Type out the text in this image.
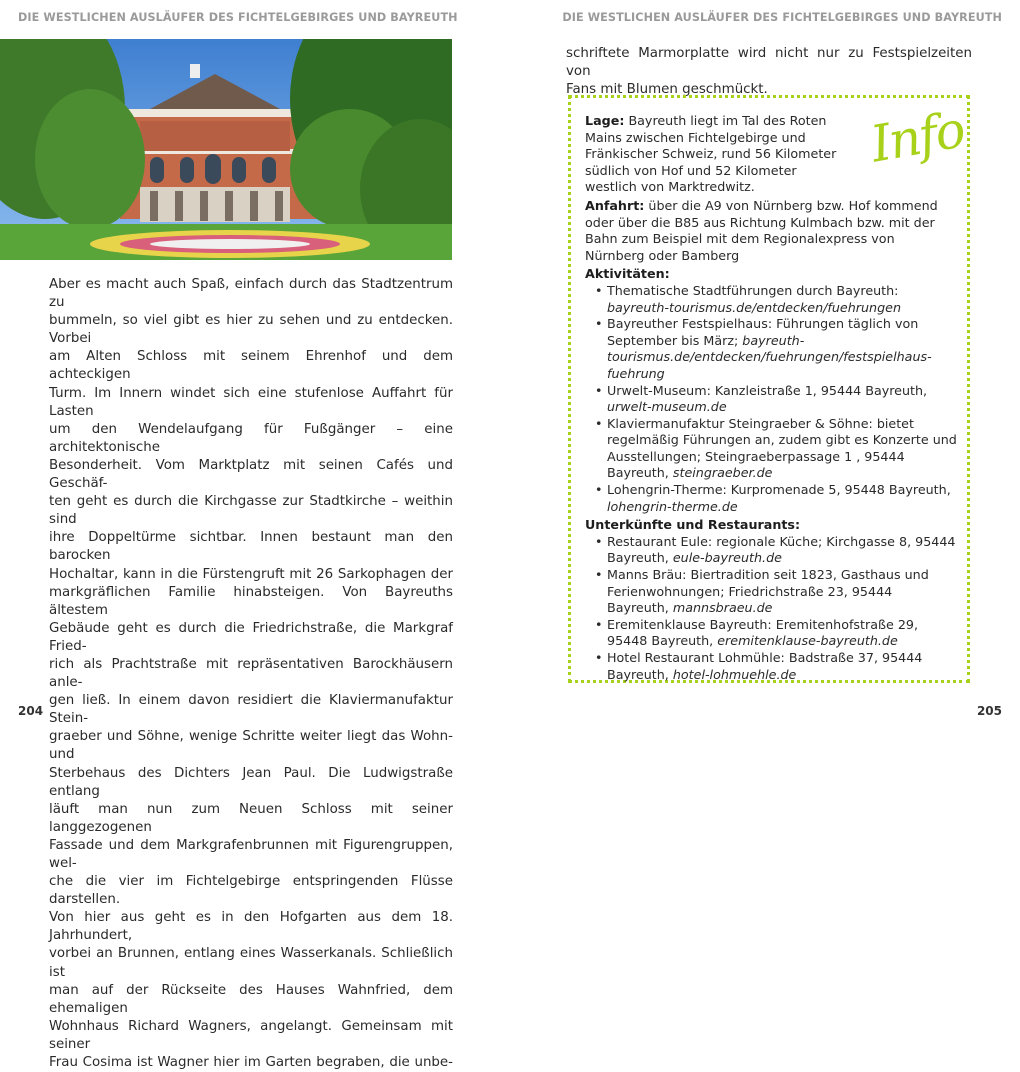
DIE WESTLICHEN AUSLÄUFER DES FICHTELGEBIRGES UND BAYREUTH	DIE WESTLICHEN AUSLÄUFER DES FICHTELGEBIRGES UND BAYREUTH

Aber es macht auch Spaß, einfach durch das Stadtzentrum zu

bummeln, so viel gibt es hier zu sehen und zu entdecken. Vorbei

am Alten Schloss mit seinem Ehrenhof und dem achteckigen

Turm. Im Innern windet sich eine stufenlose Auffahrt für Lasten

um den Wendelaufgang für Fußgänger – eine architektonische

Besonderheit. Vom Marktplatz mit seinen Cafés und Geschäf-

ten geht es durch die Kirchgasse zur Stadtkirche – weithin sind

ihre Doppeltürme sichtbar. Innen bestaunt man den barocken

Hochaltar, kann in die Fürstengruft mit 26 Sarkophagen der

markgräflichen Familie hinabsteigen. Von Bayreuths ältestem

Gebäude geht es durch die Friedrichstraße, die Markgraf Fried-

rich als Prachtstraße mit repräsentativen Barockhäusern anle-

gen ließ. In einem davon residiert die Klaviermanufaktur Stein-

graeber und Söhne, wenige Schritte weiter liegt das Wohn- und

Sterbehaus des Dichters Jean Paul. Die Ludwigstraße entlang

läuft man nun zum Neuen Schloss mit seiner langgezogenen

Fassade und dem Markgrafenbrunnen mit Figurengruppen, wel-

che die vier im Fichtelgebirge entspringenden Flüsse darstellen.

Von hier aus geht es in den Hofgarten aus dem 18. Jahrhundert,

vorbei an Brunnen, entlang eines Wasserkanals. Schließlich ist

man auf der Rückseite des Hauses Wahnfried, dem ehemaligen

Wohnhaus Richard Wagners, angelangt. Gemeinsam mit seiner

Frau Cosima ist Wagner hier im Garten begraben, die unbe-

schriftete Marmorplatte wird nicht nur zu Festspielzeiten von

Fans mit Blumen geschmückt.

Info

Lage: Bayreuth liegt im Tal des Roten Mains zwischen Fichtelgebirge und Fränkischer Schweiz, rund 56 Kilometer südlich von Hof und 52 Kilometer westlich von Marktredwitz.

Anfahrt: über die A9 von Nürnberg bzw. Hof kommend oder über die B85 aus Richtung Kulmbach bzw. mit der Bahn zum Beispiel mit dem Regionalexpress von Nürnberg oder Bamberg

Aktivitäten:

• Thematische Stadtführungen durch Bayreuth: bayreuth-tourismus.de/entdecken/fuehrungen
• Bayreuther Festspielhaus: Führungen täglich von September bis März; bayreuth-tourismus.de/entdecken/fuehrungen/festspielhaus-fuehrung
• Urwelt-Museum: Kanzleistraße 1, 95444 Bayreuth, urwelt-museum.de
• Klaviermanufaktur Steingraeber & Söhne: bietet regelmäßig Führungen an, zudem gibt es Konzerte und Ausstellungen; Steingraeberpassage 1 , 95444 Bayreuth, steingraeber.de
• Lohengrin-Therme: Kurpromenade 5, 95448 Bayreuth, lohengrin-therme.de

Unterkünfte und Restaurants:

• Restaurant Eule: regionale Küche; Kirchgasse 8, 95444 Bayreuth, eule-bayreuth.de
• Manns Bräu: Biertradition seit 1823, Gasthaus und Ferienwohnungen; Friedrichstraße 23, 95444 Bayreuth, mannsbraeu.de
• Eremitenklause Bayreuth: Eremitenhofstraße 29, 95448 Bayreuth, eremitenklause-bayreuth.de
• Hotel Restaurant Lohmühle: Badstraße 37, 95444 Bayreuth, hotel-lohmuehle.de
204	205
